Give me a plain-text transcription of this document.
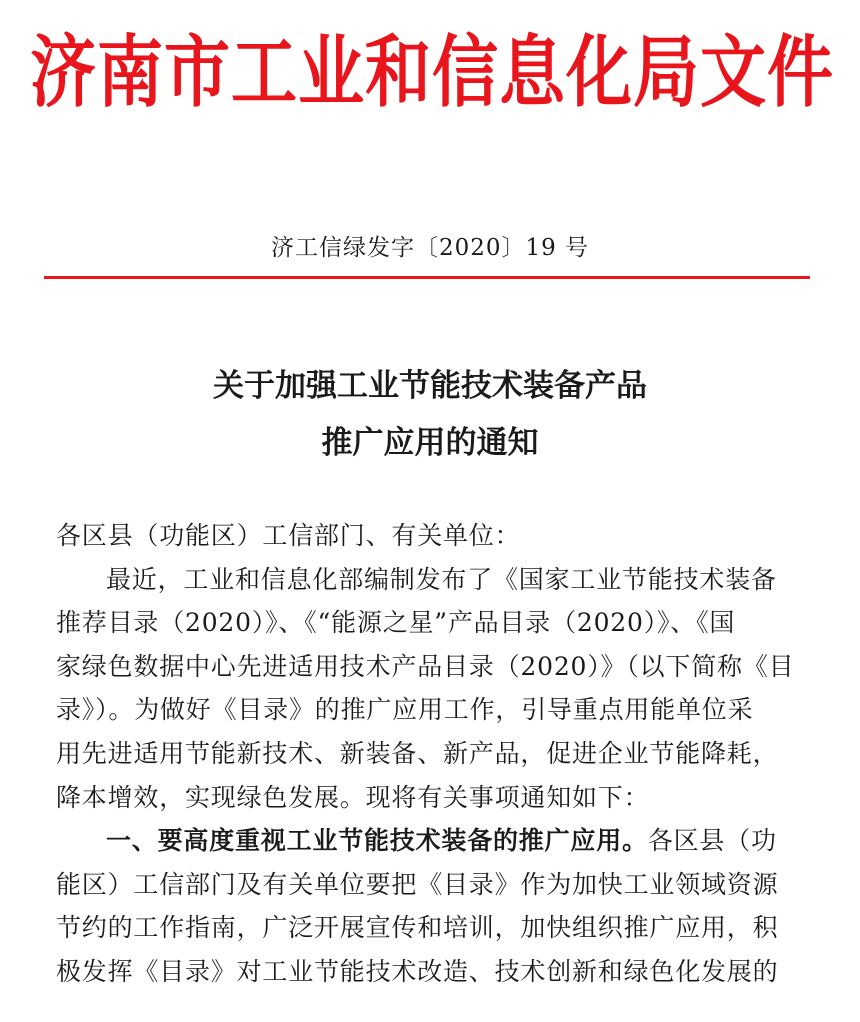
济南市工业和信息化局文件
济工信绿发字〔2020〕19 号
关于加强工业节能技术装备产品
推广应用的通知
各区县（功能区）工信部门、有关单位：
最近，工业和信息化部编制发布了《国家工业节能技术装备
推荐目录（2020）》、《“能源之星”产品目录（2020）》、《国
家绿色数据中心先进适用技术产品目录（2020）》（以下简称《目
录》）。为做好《目录》的推广应用工作，引导重点用能单位采
用先进适用节能新技术、新装备、新产品，促进企业节能降耗，
降本增效，实现绿色发展。现将有关事项通知如下：
一、要高度重视工业节能技术装备的推广应用。各区县（功
能区）工信部门及有关单位要把《目录》作为加快工业领域资源
节约的工作指南，广泛开展宣传和培训，加快组织推广应用，积
极发挥《目录》对工业节能技术改造、技术创新和绿色化发展的
